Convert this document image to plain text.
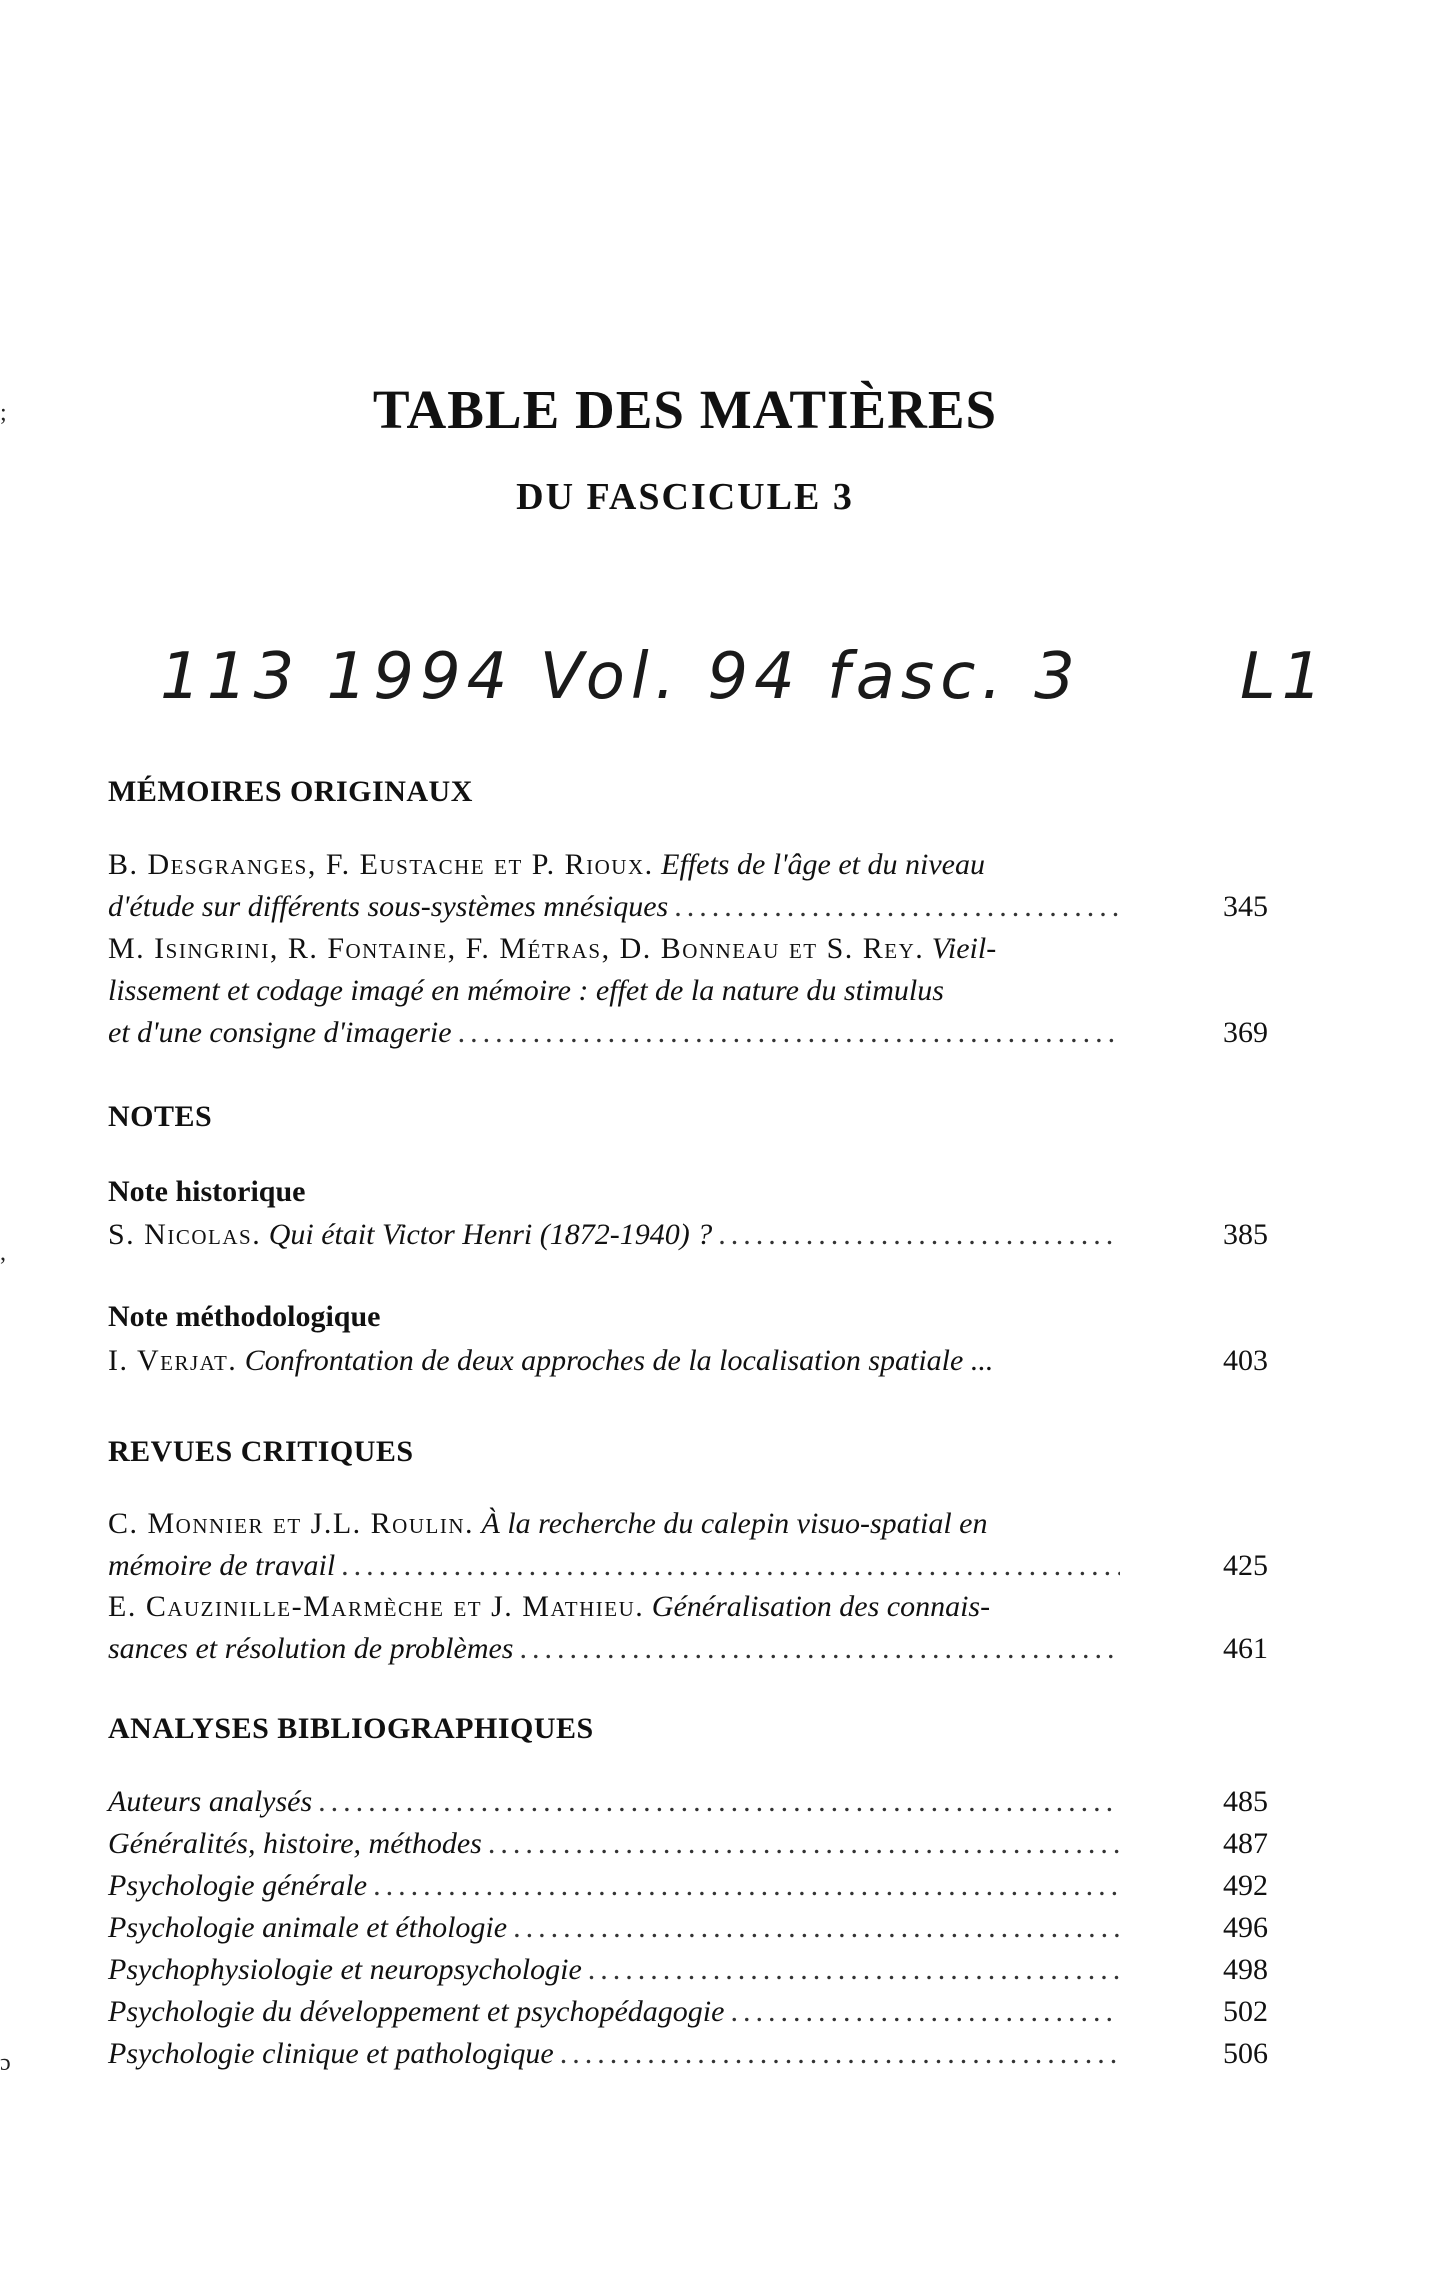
;
,
ɔ
TABLE DES MATIÈRES
DU FASCICULE 3
113 1994 Vol. 94 fasc. 3 L1
MÉMOIRES ORIGINAUX
B. Desgranges, F. Eustache et P. Rioux.
Effets de l'âge et du niveau
d'étude sur différents sous-systèmes mnésiques .....	345
M. Isingrini, R. Fontaine, F. Métras, D. Bonneau et S. Rey.
Vieil-
lissement et codage imagé en mémoire : effet de la nature du stimulus
et d'une consigne d'imagerie .....	369
NOTES
Note historique
S. Nicolas.
Qui était Victor Henri (1872-1940) ? .....	385
Note méthodologique
I. Verjat.
Confrontation de deux approches de la localisation spatiale ...	403
REVUES CRITIQUES
C. Monnier et J.L. Roulin.
À la recherche du calepin visuo-spatial en
mémoire de travail .....	425
E. Cauzinille-Marmèche et J. Mathieu.
Généralisation des connais-
sances et résolution de problèmes .....	461
ANALYSES BIBLIOGRAPHIQUES
Auteurs analysés .....	485
Généralités, histoire, méthodes .....	487
Psychologie générale .....	492
Psychologie animale et éthologie .....	496
Psychophysiologie et neuropsychologie .....	498
Psychologie du développement et psychopédagogie .....	502
Psychologie clinique et pathologique .....	506
